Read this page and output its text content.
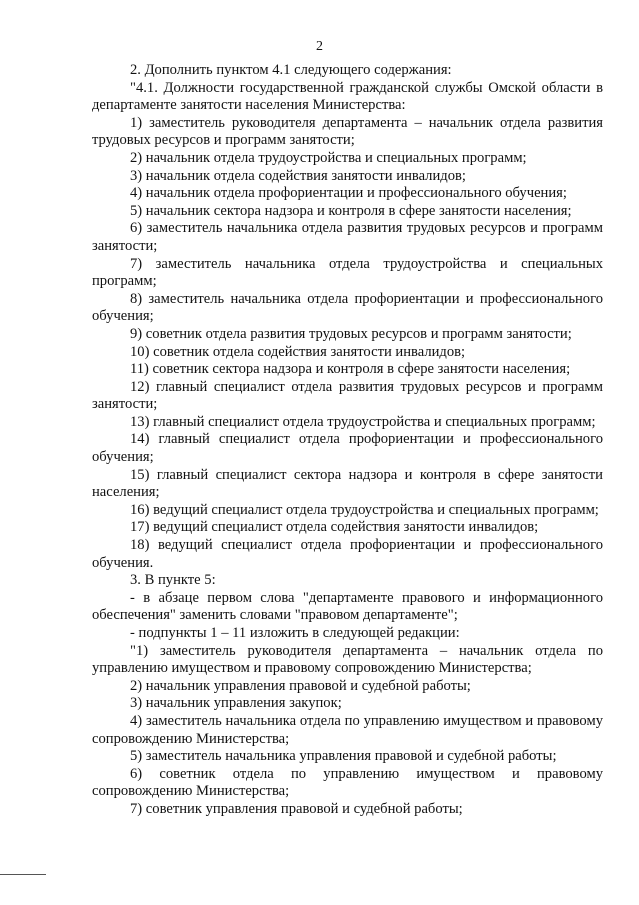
2

2. Дополнить пунктом 4.1 следующего содержания:

"4.1. Должности государственной гражданской службы Омской области в департаменте занятости населения Министерства:

1) заместитель руководителя департамента – начальник отдела развития трудовых ресурсов и программ занятости;

2) начальник отдела трудоустройства и специальных программ;

3) начальник отдела содействия занятости инвалидов;

4) начальник отдела профориентации и профессионального обучения;

5) начальник сектора надзора и контроля в сфере занятости населения;

6) заместитель начальника отдела развития трудовых ресурсов и программ занятости;

7) заместитель начальника отдела трудоустройства и специальных программ;

8) заместитель начальника отдела профориентации и профессионального обучения;

9) советник отдела развития трудовых ресурсов и программ занятости;

10) советник отдела содействия занятости инвалидов;

11) советник сектора надзора и контроля в сфере занятости населения;

12) главный специалист отдела развития трудовых ресурсов и программ занятости;

13) главный специалист отдела трудоустройства и специальных программ;

14) главный специалист отдела профориентации и профессионального обучения;

15) главный специалист сектора надзора и контроля в сфере занятости населения;

16) ведущий специалист отдела трудоустройства и специальных программ;

17) ведущий специалист отдела содействия занятости инвалидов;

18) ведущий специалист отдела профориентации и профессионального обучения.

3. В пункте 5:

- в абзаце первом слова "департаменте правового и информационного обеспечения" заменить словами "правовом департаменте";

- подпункты 1 – 11 изложить в следующей редакции:

"1) заместитель руководителя департамента – начальник отдела по управлению имуществом и правовому сопровождению Министерства;

2) начальник управления правовой и судебной работы;

3) начальник управления закупок;

4) заместитель начальника отдела по управлению имуществом и правовому сопровождению Министерства;

5) заместитель начальника управления правовой и судебной работы;

6) советник отдела по управлению имуществом и правовому сопровождению Министерства;

7) советник управления правовой и судебной работы;
